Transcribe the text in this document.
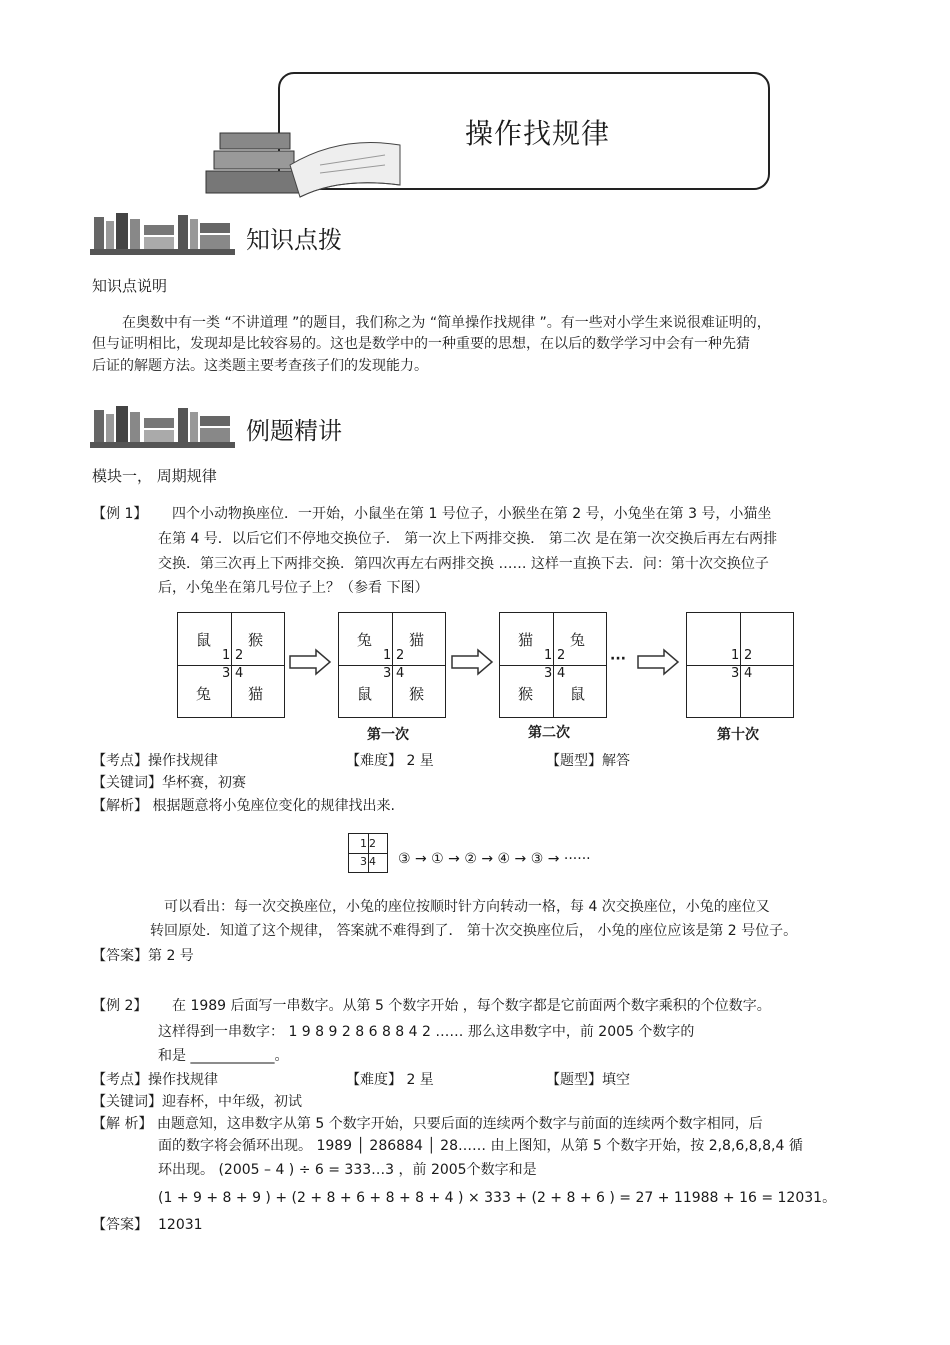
操作找规律
知识点拨
知识点说明
在奥数中有一类 “不讲道理 ”的题目，我们称之为 “简单操作找规律 ”。有一些对小学生来说很难证明的，
但与证明相比，发现却是比较容易的。这也是数学中的一种重要的思想，在以后的数学学习中会有一种先猜
后证的解题方法。这类题主要考查孩子们的发现能力。
例题精讲
模块一， 周期规律
【例 1】 四个小动物换座位．一开始，小鼠坐在第 1 号位子，小猴坐在第 2 号，小兔坐在第 3 号，小猫坐
在第 4 号．以后它们不停地交换位子． 第一次上下两排交换． 第二次 是在第一次交换后再左右两排
交换．第三次再上下两排交换．第四次再左右两排交换 …… 这样一直换下去．问：第十次交换位子
后，小兔坐在第几号位子上？（参看 下图）
鼠 猴
兔 猫
1 2
3 4
兔 猫
鼠 猴
1 2
3 4
第一次
猫 兔
猴 鼠
1 2
3 4
第二次
···	1 2
3 4
第十次
【考点】操作找规律	【难度】 2 星	【题型】解答
【关键词】华杯赛，初赛
【解析】 根据题意将小兔座位变化的规律找出来.
1 2
3 4 ③ → ① → ② → ④ → ③ → ······
可以看出：每一次交换座位，小兔的座位按顺时针方向转动一格，每 4 次交换座位，小兔的座位又
转回原处．知道了这个规律， 答案就不难得到了． 第十次交换座位后， 小兔的座位应该是第 2 号位子。
【答案】第 2 号
【例 2】 在 1989 后面写一串数字。从第 5 个数字开始 ，每个数字都是它前面两个数字乘积的个位数字。
这样得到一串数字： 1 9 8 9 2 8 6 8 8 4 2 …… 那么这串数字中，前 2005 个数字的
和是 ____________。
【考点】操作找规律	【难度】 2 星	【题型】填空
【关键词】迎春杯，中年级，初试
【解 析】 由题意知，这串数字从第 5 个数字开始，只要后面的连续两个数字与前面的连续两个数字相同，后
面的数字将会循环出现。 1989 │ 286884 │ 28…… 由上图知，从第 5 个数字开始，按 2,8,6,8,8,4 循
环出现。 (2005 – 4 ) ÷ 6 = 333…3 ，前 2005个数字和是
(1 + 9 + 8 + 9 ) + (2 + 8 + 6 + 8 + 8 + 4 ) × 333 + (2 + 8 + 6 ) = 27 + 11988 + 16 = 12031。
【答案】 12031
